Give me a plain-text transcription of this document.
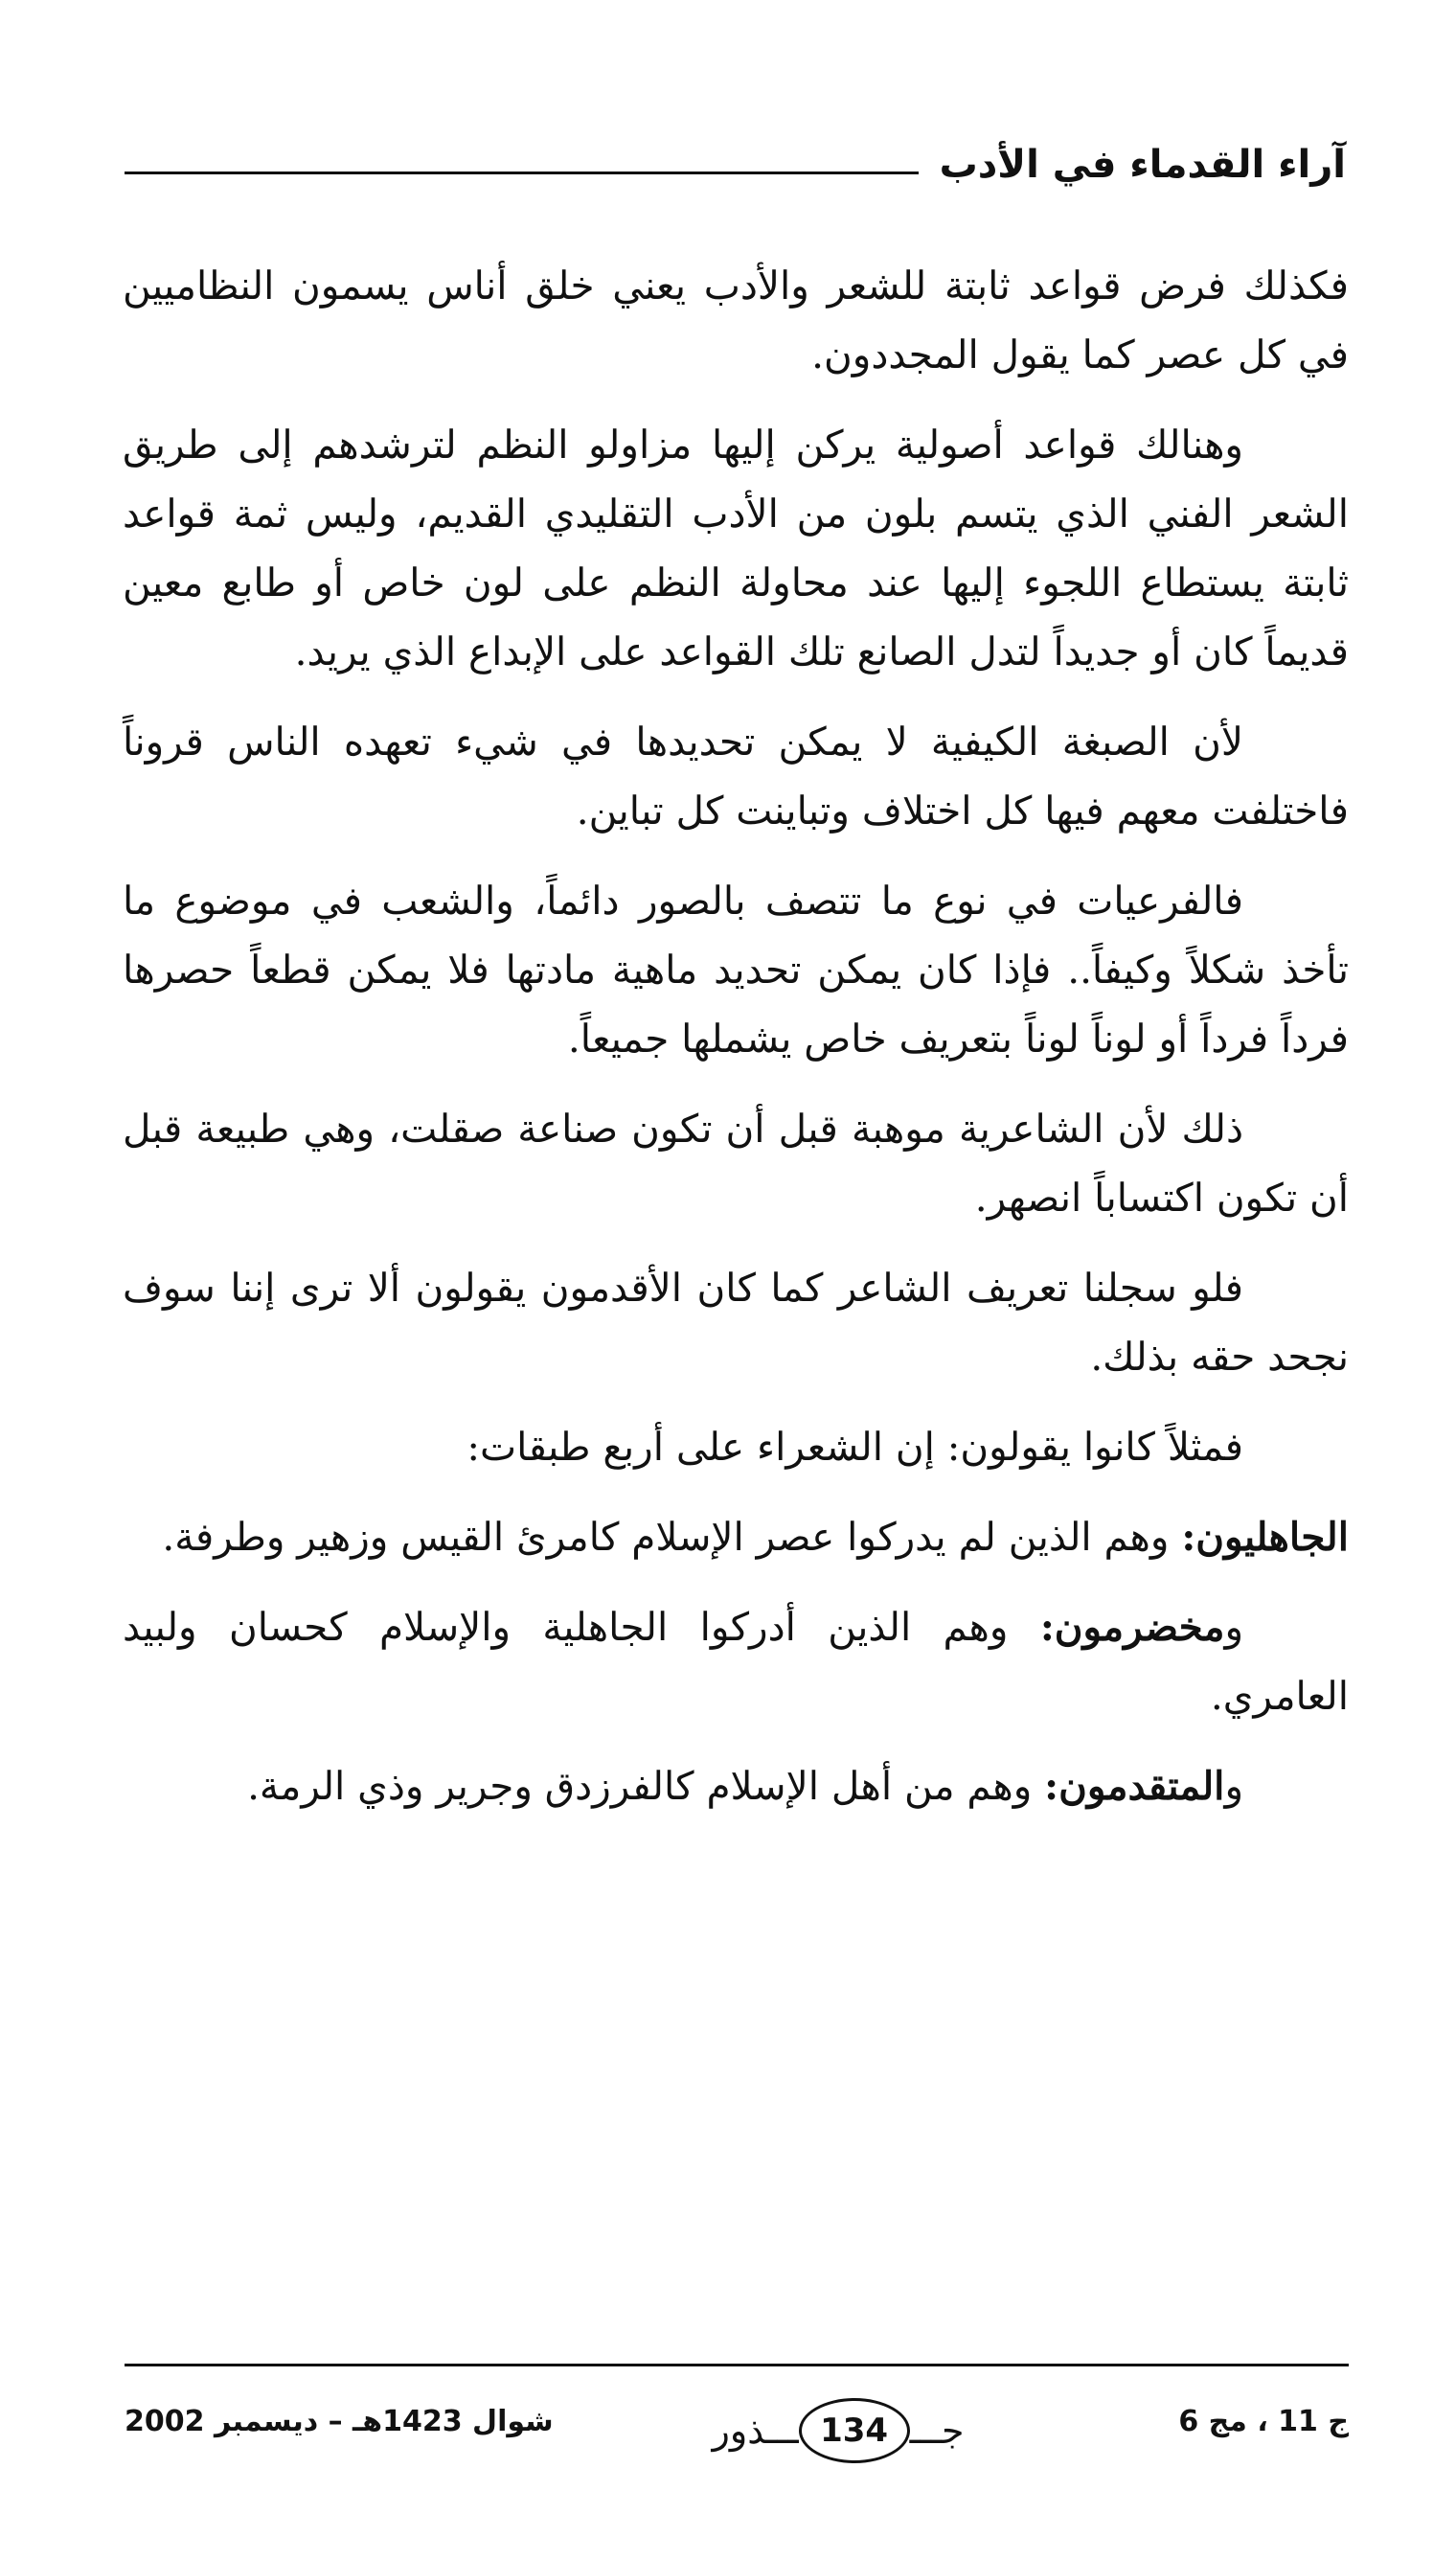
آراء القدماء في الأدب

فكذلك فرض قواعد ثابتة للشعر والأدب يعني خلق أناس يسمون النظاميين في كل عصر كما يقول المجددون.

وهنالك قواعد أصولية يركن إليها مزاولو النظم لترشدهم إلى طريق الشعر الفني الذي يتسم بلون من الأدب التقليدي القديم، وليس ثمة قواعد ثابتة يستطاع اللجوء إليها عند محاولة النظم على لون خاص أو طابع معين قديماً كان أو جديداً لتدل الصانع تلك القواعد على الإبداع الذي يريد.

لأن الصبغة الكيفية لا يمكن تحديدها في شيء تعهده الناس قروناً فاختلفت معهم فيها كل اختلاف وتباينت كل تباين.

فالفرعيات في نوع ما تتصف بالصور دائماً، والشعب في موضوع ما تأخذ شكلاً وكيفاً.. فإذا كان يمكن تحديد ماهية مادتها فلا يمكن قطعاً حصرها فرداً فرداً أو لوناً لوناً بتعريف خاص يشملها جميعاً.

ذلك لأن الشاعرية موهبة قبل أن تكون صناعة صقلت، وهي طبيعة قبل أن تكون اكتساباً انصهر.

فلو سجلنا تعريف الشاعر كما كان الأقدمون يقولون ألا ترى إننا سوف نجحد حقه بذلك.

فمثلاً كانوا يقولون: إن الشعراء على أربع طبقات:

الجاهليون: وهم الذين لم يدركوا عصر الإسلام كامرئ القيس وزهير وطرفة.

ومخضرمون: وهم الذين أدركوا الجاهلية والإسلام كحسان ولبيد العامري.

والمتقدمون: وهم من أهل الإسلام كالفرزدق وجرير وذي الرمة.

ج 11 ، مج 6
جـــ
134
ـــذور
شوال 1423هـ – ديسمبر 2002
